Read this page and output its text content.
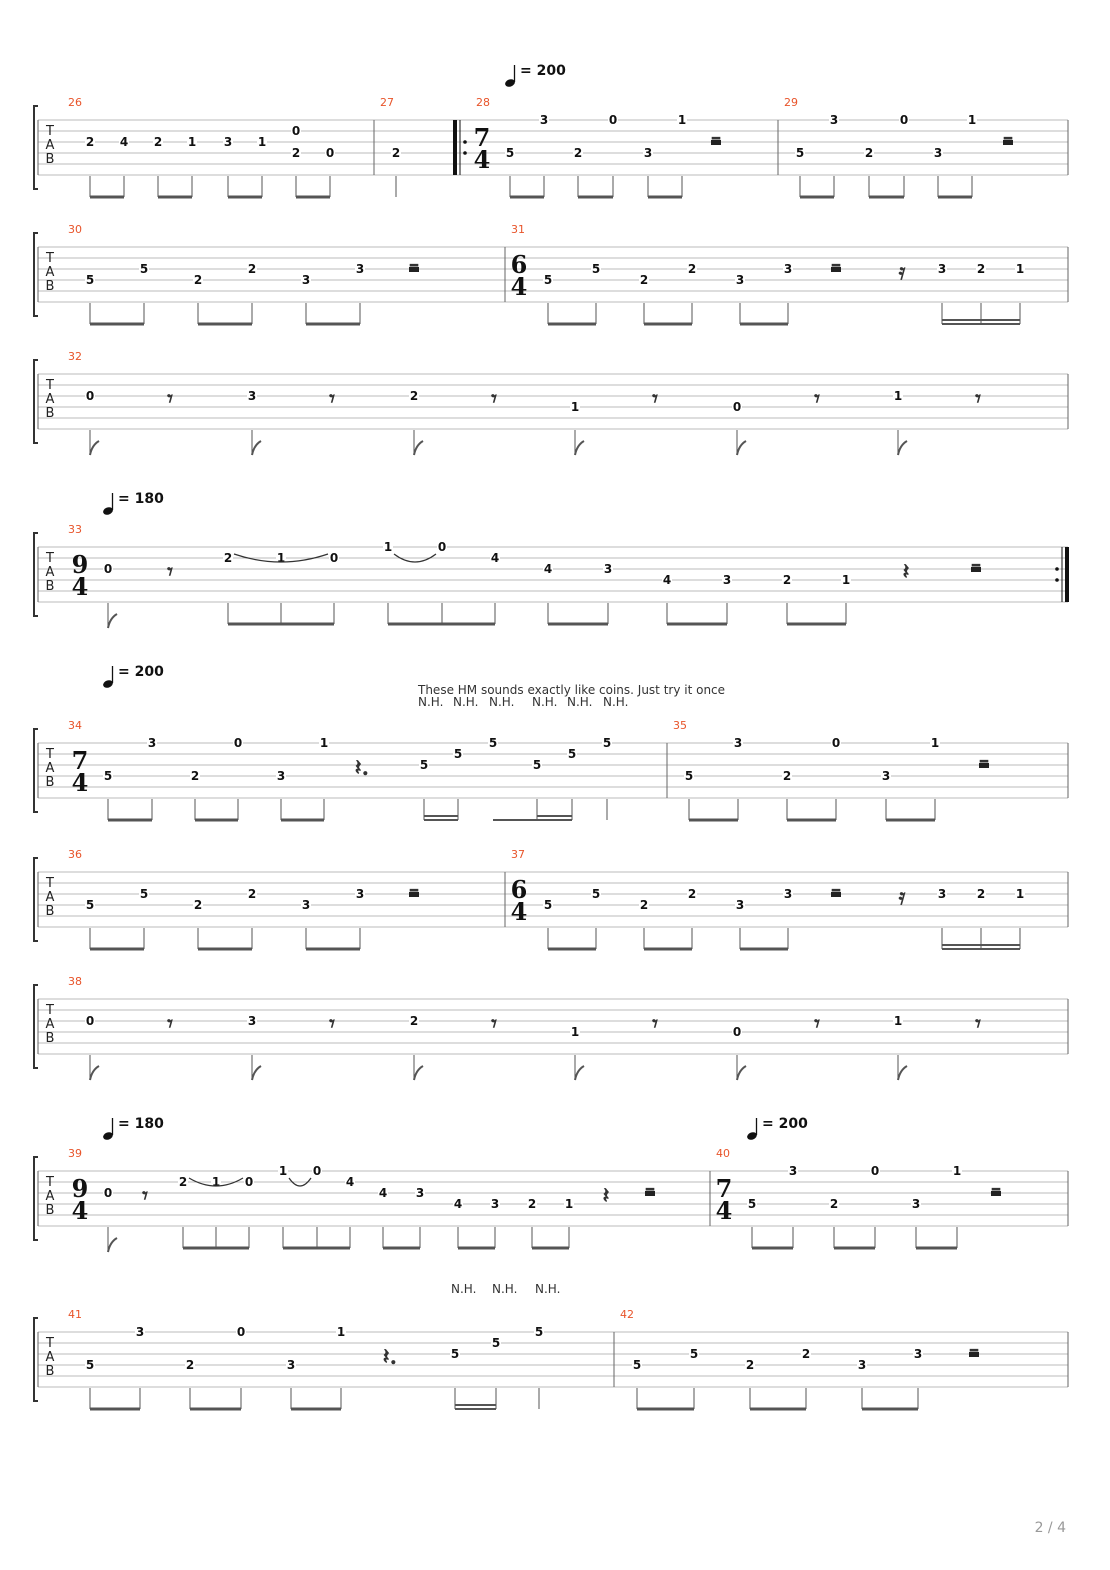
= 200
= 180
= 200
= 180	= 200
These HM sounds exactly like coins. Just try it once
N.H. N.H. N.H. N.H. N.H. N.H.
N.H. N.H. N.H.
T
A
B
26
2 4 2 1 3 1
0
2 0
27
2
28
7
4 5
3
2
0
3
1
–
29
5
3
2
0
3
1
–
T
A
B
30
5
5
2
2
3
3 –
31
6
4 5
5
2
2
3
3	3	2	1
–	𝄿
T
A
B
32
0	3	2
1	0
1
𝄾	𝄾	𝄾	𝄾	𝄾	𝄾
T
A
B
33
9
4
0
2	1	0
1	0
4
4	3
4	3	2	1
𝄾	𝄽	–
T
A
B
34
7
4 5
3
2
0
3
1
5
5
5
5
5
5
𝄽.
35
5
3
2
0
3
1
–
T
A
B
36
5
5
2
2
3
3 –
37
6
4 5
5
2
2
3
3	3	2	1
–	𝄿
T
A
B
38
0	3	2
1	0
1
𝄾	𝄾	𝄾	𝄾	𝄾	𝄾
T
A
B
39
9
4
0
2 1 0
1 0
4
4 3
4 3 2 1
𝄾	𝄽 –
40
7
4 5
3
2
0
3
1
–
T
A
B
41
5
3
2
0
3
1
5
5
5
𝄽.
42
5
5
2
2
3
3 –
2 / 4
